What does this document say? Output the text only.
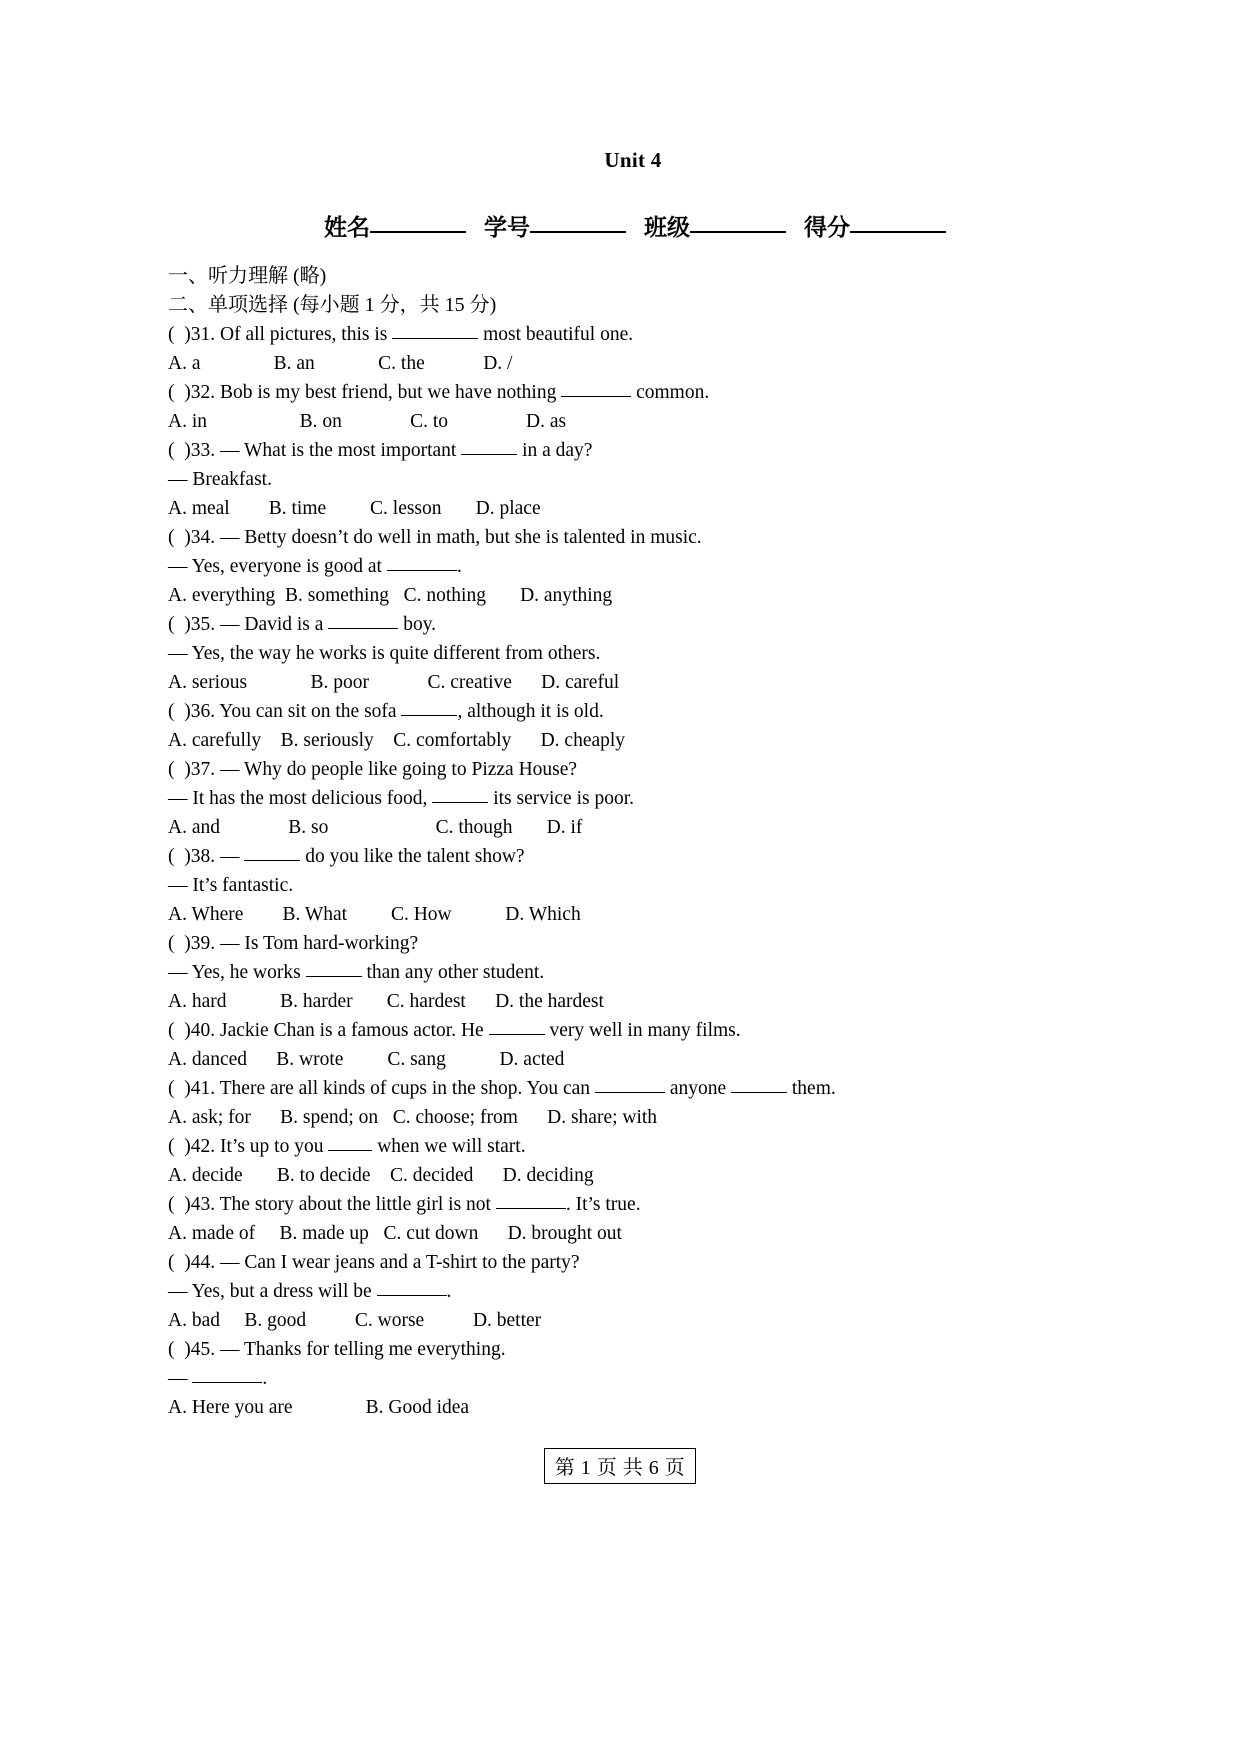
Unit 4
姓名	学号	班级	得分
一、听力理解 (略)
二、单项选择 (每小题 1 分，共 15 分)
(  )31. Of all pictures, this is	most beautiful one.
A. a               B. an             C. the            D. /
(  )32. Bob is my best friend, but we have nothing	common.
A. in                   B. on              C. to                D. as
(  )33. — What is the most important	in a day?
— Breakfast.
A. meal        B. time         C. lesson       D. place
(  )34. — Betty doesn’t do well in math, but she is talented in music.
— Yes, everyone is good at	.
A. everything  B. something   C. nothing       D. anything
(  )35. — David is a	boy.
— Yes, the way he works is quite different from others.
A. serious             B. poor            C. creative      D. careful
(  )36. You can sit on the sofa	, although it is old.
A. carefully    B. seriously    C. comfortably      D. cheaply
(  )37. — Why do people like going to Pizza House?
— It has the most delicious food,	its service is poor.
A. and              B. so                      C. though       D. if
(  )38. —	do you like the talent show?
— It’s fantastic.
A. Where        B. What         C. How           D. Which
(  )39. — Is Tom hard-working?
— Yes, he works	than any other student.
A. hard           B. harder       C. hardest      D. the hardest
(  )40. Jackie Chan is a famous actor. He	very well in many films.
A. danced      B. wrote         C. sang           D. acted
(  )41. There are all kinds of cups in the shop. You can	anyone	them.
A. ask; for      B. spend; on   C. choose; from      D. share; with
(  )42. It’s up to you  when we will start.
A. decide       B. to decide    C. decided      D. deciding
(  )43. The story about the little girl is not	. It’s true.
A. made of     B. made up   C. cut down      D. brought out
(  )44. — Can I wear jeans and a T-shirt to the party?
— Yes, but a dress will be	.
A. bad     B. good          C. worse          D. better
(  )45. — Thanks for telling me everything.
—	.
A. Here you are               B. Good idea
第 1 页 共 6 页
